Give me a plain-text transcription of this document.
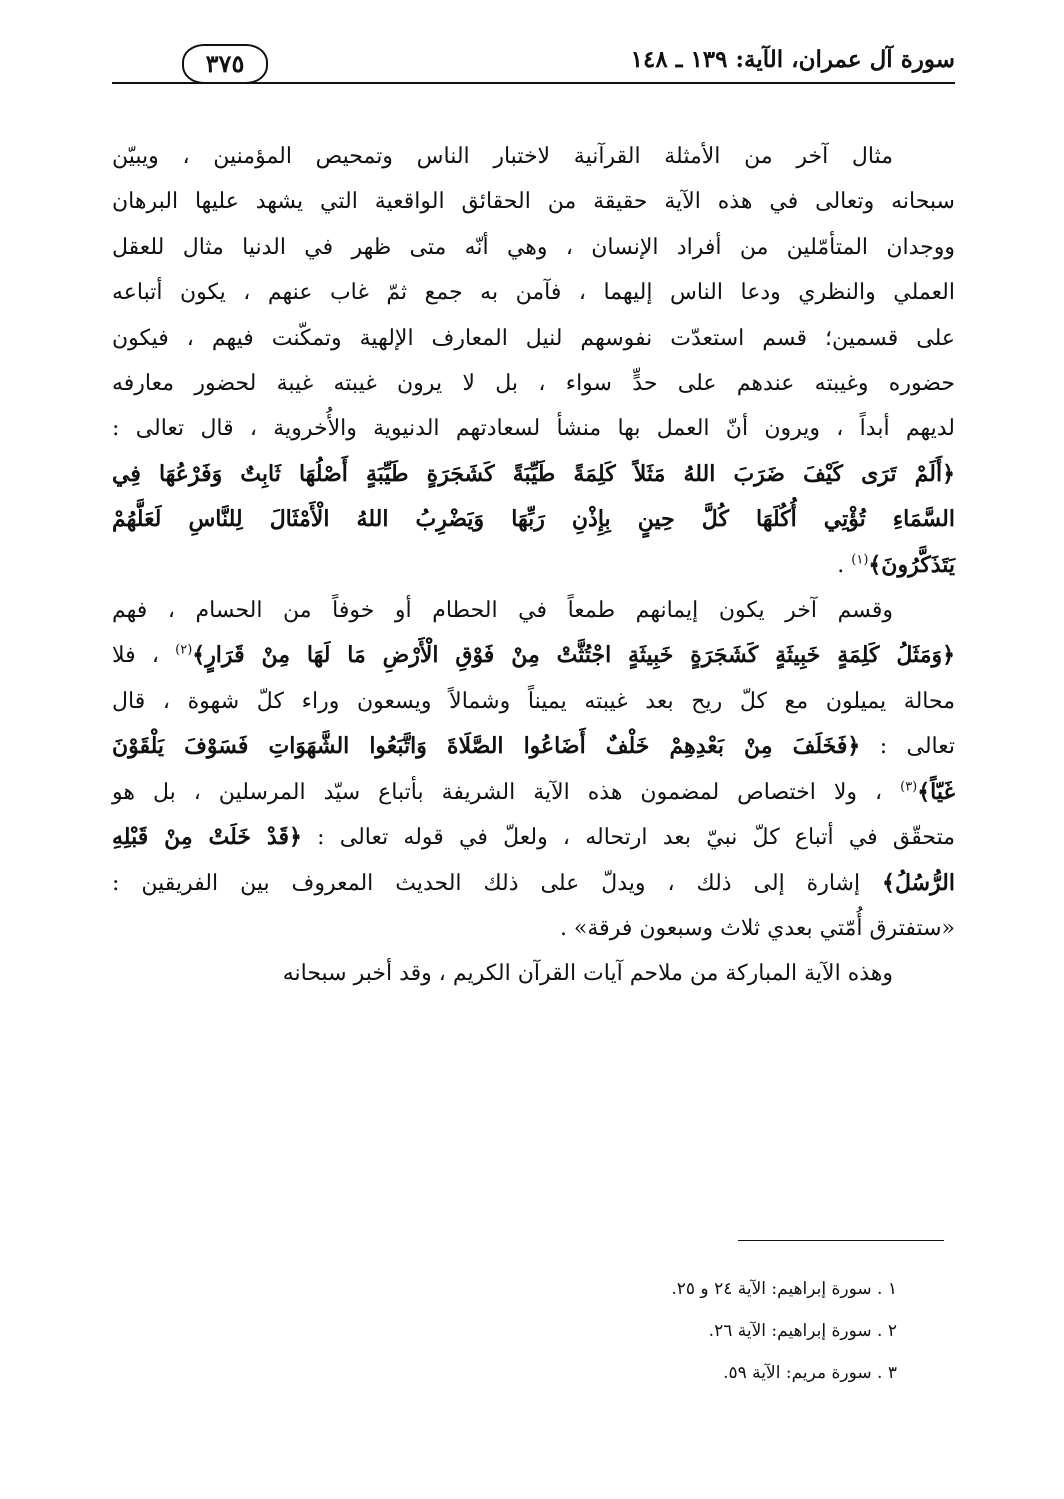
سورة آل عمران، الآية: ١٣٩ ـ ١٤٨
٣٧٥
مثال آخر من الأمثلة القرآنية لاختبار الناس وتمحيص المؤمنين ، ويبيّن
سبحانه وتعالى في هذه الآية حقيقة من الحقائق الواقعية التي يشهد عليها البرهان
ووجدان المتأمّلين من أفراد الإنسان ، وهي أنّه متى ظهر في الدنيا مثال للعقل
العملي والنظري ودعا الناس إليهما ، فآمن به جمع ثمّ غاب عنهم ، يكون أتباعه
على قسمين؛ قسم استعدّت نفوسهم لنيل المعارف الإلهية وتمكّنت فيهم ، فيكون
حضوره وغيبته عندهم على حدٍّ سواء ، بل لا يرون غيبته غيبة لحضور معارفه
لديهم أبداً ، ويرون أنّ العمل بها منشأ لسعادتهم الدنيوية والأُخروية ، قال تعالى :
﴿أَلَمْ تَرَى كَيْفَ ضَرَبَ اللهُ مَثَلاً كَلِمَةً طَيِّبَةً كَشَجَرَةٍ طَيِّبَةٍ أَصْلُهَا ثَابِتٌ وَفَرْعُهَا فِي
السَّمَاءِ تُؤْتِي أُكُلَهَا كُلَّ حِينٍ بِإِذْنِ رَبِّهَا وَيَضْرِبُ اللهُ الْأَمْثَالَ لِلنَّاسِ لَعَلَّهُمْ
يَتَذَكَّرُونَ﴾$^{(١)}$ .
وقسم آخر يكون إيمانهم طمعاً في الحطام أو خوفاً من الحسام ، فهم
﴿وَمَثَلُ كَلِمَةٍ خَبِيثَةٍ كَشَجَرَةٍ خَبِيثَةٍ اجْتُثَّتْ مِنْ فَوْقِ الْأَرْضِ مَا لَهَا مِنْ قَرَارٍ﴾$^{(٢)}$ ، فلا
محالة يميلون مع كلّ ريح بعد غيبته يميناً وشمالاً ويسعون وراء كلّ شهوة ، قال
تعالى : ﴿فَخَلَفَ مِنْ بَعْدِهِمْ خَلْفٌ أَضَاعُوا الصَّلَاةَ وَاتَّبَعُوا الشَّهَوَاتِ فَسَوْفَ يَلْقَوْنَ
غَيّاً﴾$^{(٣)}$ ، ولا اختصاص لمضمون هذه الآية الشريفة بأتباع سيّد المرسلين ، بل هو
متحقّق في أتباع كلّ نبيّ بعد ارتحاله ، ولعلّ في قوله تعالى : ﴿قَدْ خَلَتْ مِنْ قَبْلِهِ
الرُّسُلُ﴾ إشارة إلى ذلك ، ويدلّ على ذلك الحديث المعروف بين الفريقين :
«ستفترق أُمّتي بعدي ثلاث وسبعون فرقة» .
وهذه الآية المباركة من ملاحم آيات القرآن الكريم ، وقد أخبر سبحانه
١ . سورة إبراهيم: الآية ٢٤ و ٢٥.
٢ . سورة إبراهيم: الآية ٢٦.
٣ . سورة مريم: الآية ٥٩.
